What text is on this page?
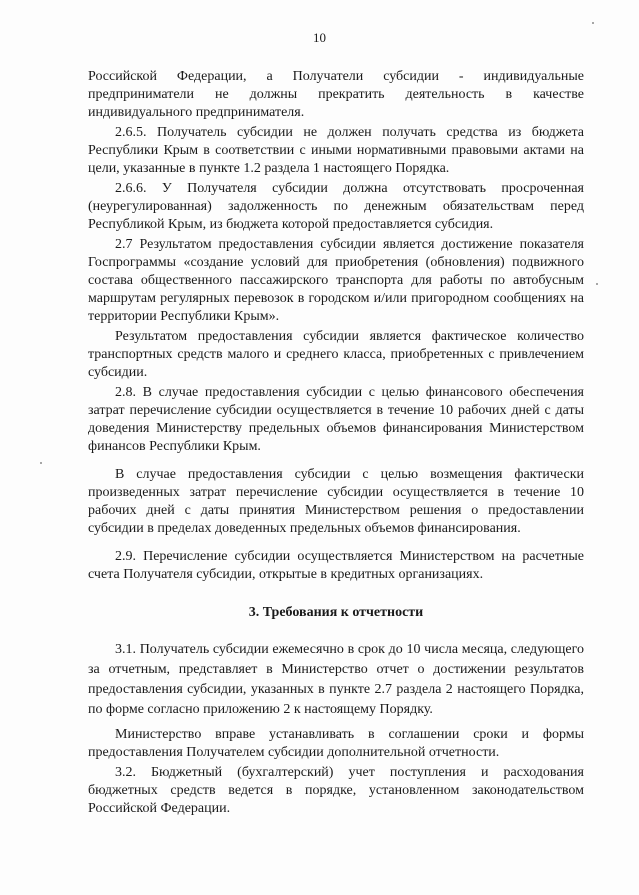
10

Российской Федерации, а Получатели субсидии - индивидуальные предприниматели не должны прекратить деятельность в качестве индивидуального предпринимателя.

2.6.5. Получатель субсидии не должен получать средства из бюджета Республики Крым в соответствии с иными нормативными правовыми актами на цели, указанные в пункте 1.2 раздела 1 настоящего Порядка.

2.6.6. У Получателя субсидии должна отсутствовать просроченная (неурегулированная) задолженность по денежным обязательствам перед Республикой Крым, из бюджета которой предоставляется субсидия.

2.7 Результатом предоставления субсидии является достижение показателя Госпрограммы «создание условий для приобретения (обновления) подвижного состава общественного пассажирского транспорта для работы по автобусным маршрутам регулярных перевозок в городском и/или пригородном сообщениях на территории Республики Крым».

Результатом предоставления субсидии является фактическое количество транспортных средств малого и среднего класса, приобретенных с привлечением субсидии.

2.8. В случае предоставления субсидии с целью финансового обеспечения затрат перечисление субсидии осуществляется в течение 10 рабочих дней с даты доведения Министерству предельных объемов финансирования Министерством финансов Республики Крым.

В случае предоставления субсидии с целью возмещения фактически произведенных затрат перечисление субсидии осуществляется в течение 10 рабочих дней с даты принятия Министерством решения о предоставлении субсидии в пределах доведенных предельных объемов финансирования.

2.9. Перечисление субсидии осуществляется Министерством на расчетные счета Получателя субсидии, открытые в кредитных организациях.

3. Требования к отчетности

3.1. Получатель субсидии ежемесячно в срок до 10 числа месяца, следующего за отчетным, представляет в Министерство отчет о достижении результатов предоставления субсидии, указанных в пункте 2.7 раздела 2 настоящего Порядка, по форме согласно приложению 2 к настоящему Порядку.

Министерство вправе устанавливать в соглашении сроки и формы предоставления Получателем субсидии дополнительной отчетности.

3.2. Бюджетный (бухгалтерский) учет поступления и расходования бюджетных средств ведется в порядке, установленном законодательством Российской Федерации.
